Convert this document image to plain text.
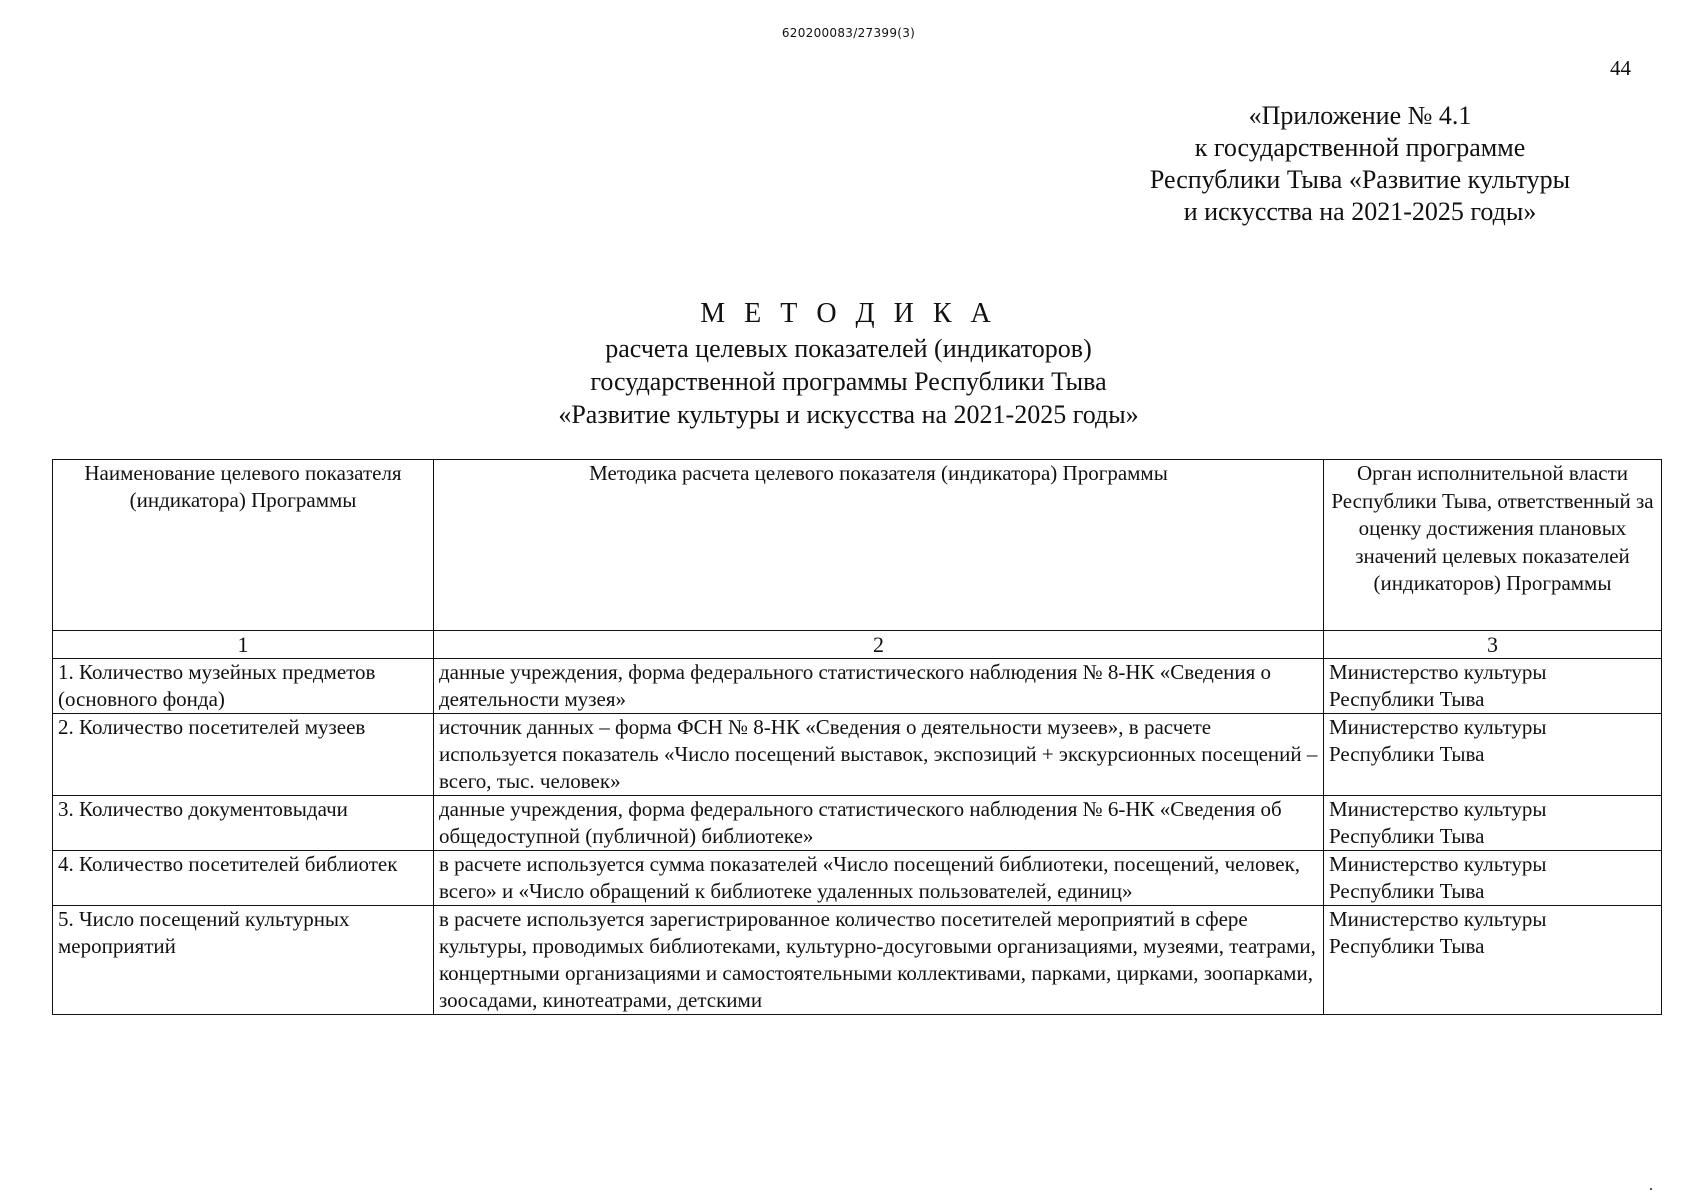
620200083/27399(3)
44
«Приложение № 4.1
к государственной программе
Республики Тыва «Развитие культуры
и искусства на 2021-2025 годы»
М Е Т О Д И К А
расчета целевых показателей (индикаторов)
государственной программы Республики Тыва
«Развитие культуры и искусства на 2021-2025 годы»
Наименование целевого показателя (индикатора) Программы	Методика расчета целевого показателя (индикатора) Программы	Орган исполнительной власти Республики Тыва, ответственный за оценку достижения плановых значений целевых показателей (индикаторов) Программы
1	2	3
1. Количество музейных предметов (основного фонда)	данные учреждения, форма федерального статистического наблюдения № 8-НК «Сведения о деятельности музея»	Министерство культуры Республики Тыва
2. Количество посетителей музеев	источник данных – форма ФСН № 8-НК «Сведения о деятельности музеев», в расчете используется показатель «Число посещений выставок, экспозиций + экскурсионных посещений – всего, тыс. человек»	Министерство культуры Республики Тыва
3. Количество документовыдачи	данные учреждения, форма федерального статистического наблюдения № 6-НК «Сведения об общедоступной (публичной) библиотеке»	Министерство культуры Республики Тыва
4. Количество посетителей библиотек	в расчете используется сумма показателей «Число посещений библиотеки, посещений, человек, всего» и «Число обращений к библиотеке удаленных пользователей, единиц»	Министерство культуры Республики Тыва
5. Число посещений культурных мероприятий	в расчете используется зарегистрированное количество посетителей мероприятий в сфере культуры, проводимых библиотеками, культурно-досуговыми организациями, музеями, театрами, концертными организациями и самостоятельными коллективами, парками, цирками, зоопарками, зоосадами, кинотеатрами, детскими	Министерство культуры Республики Тыва
